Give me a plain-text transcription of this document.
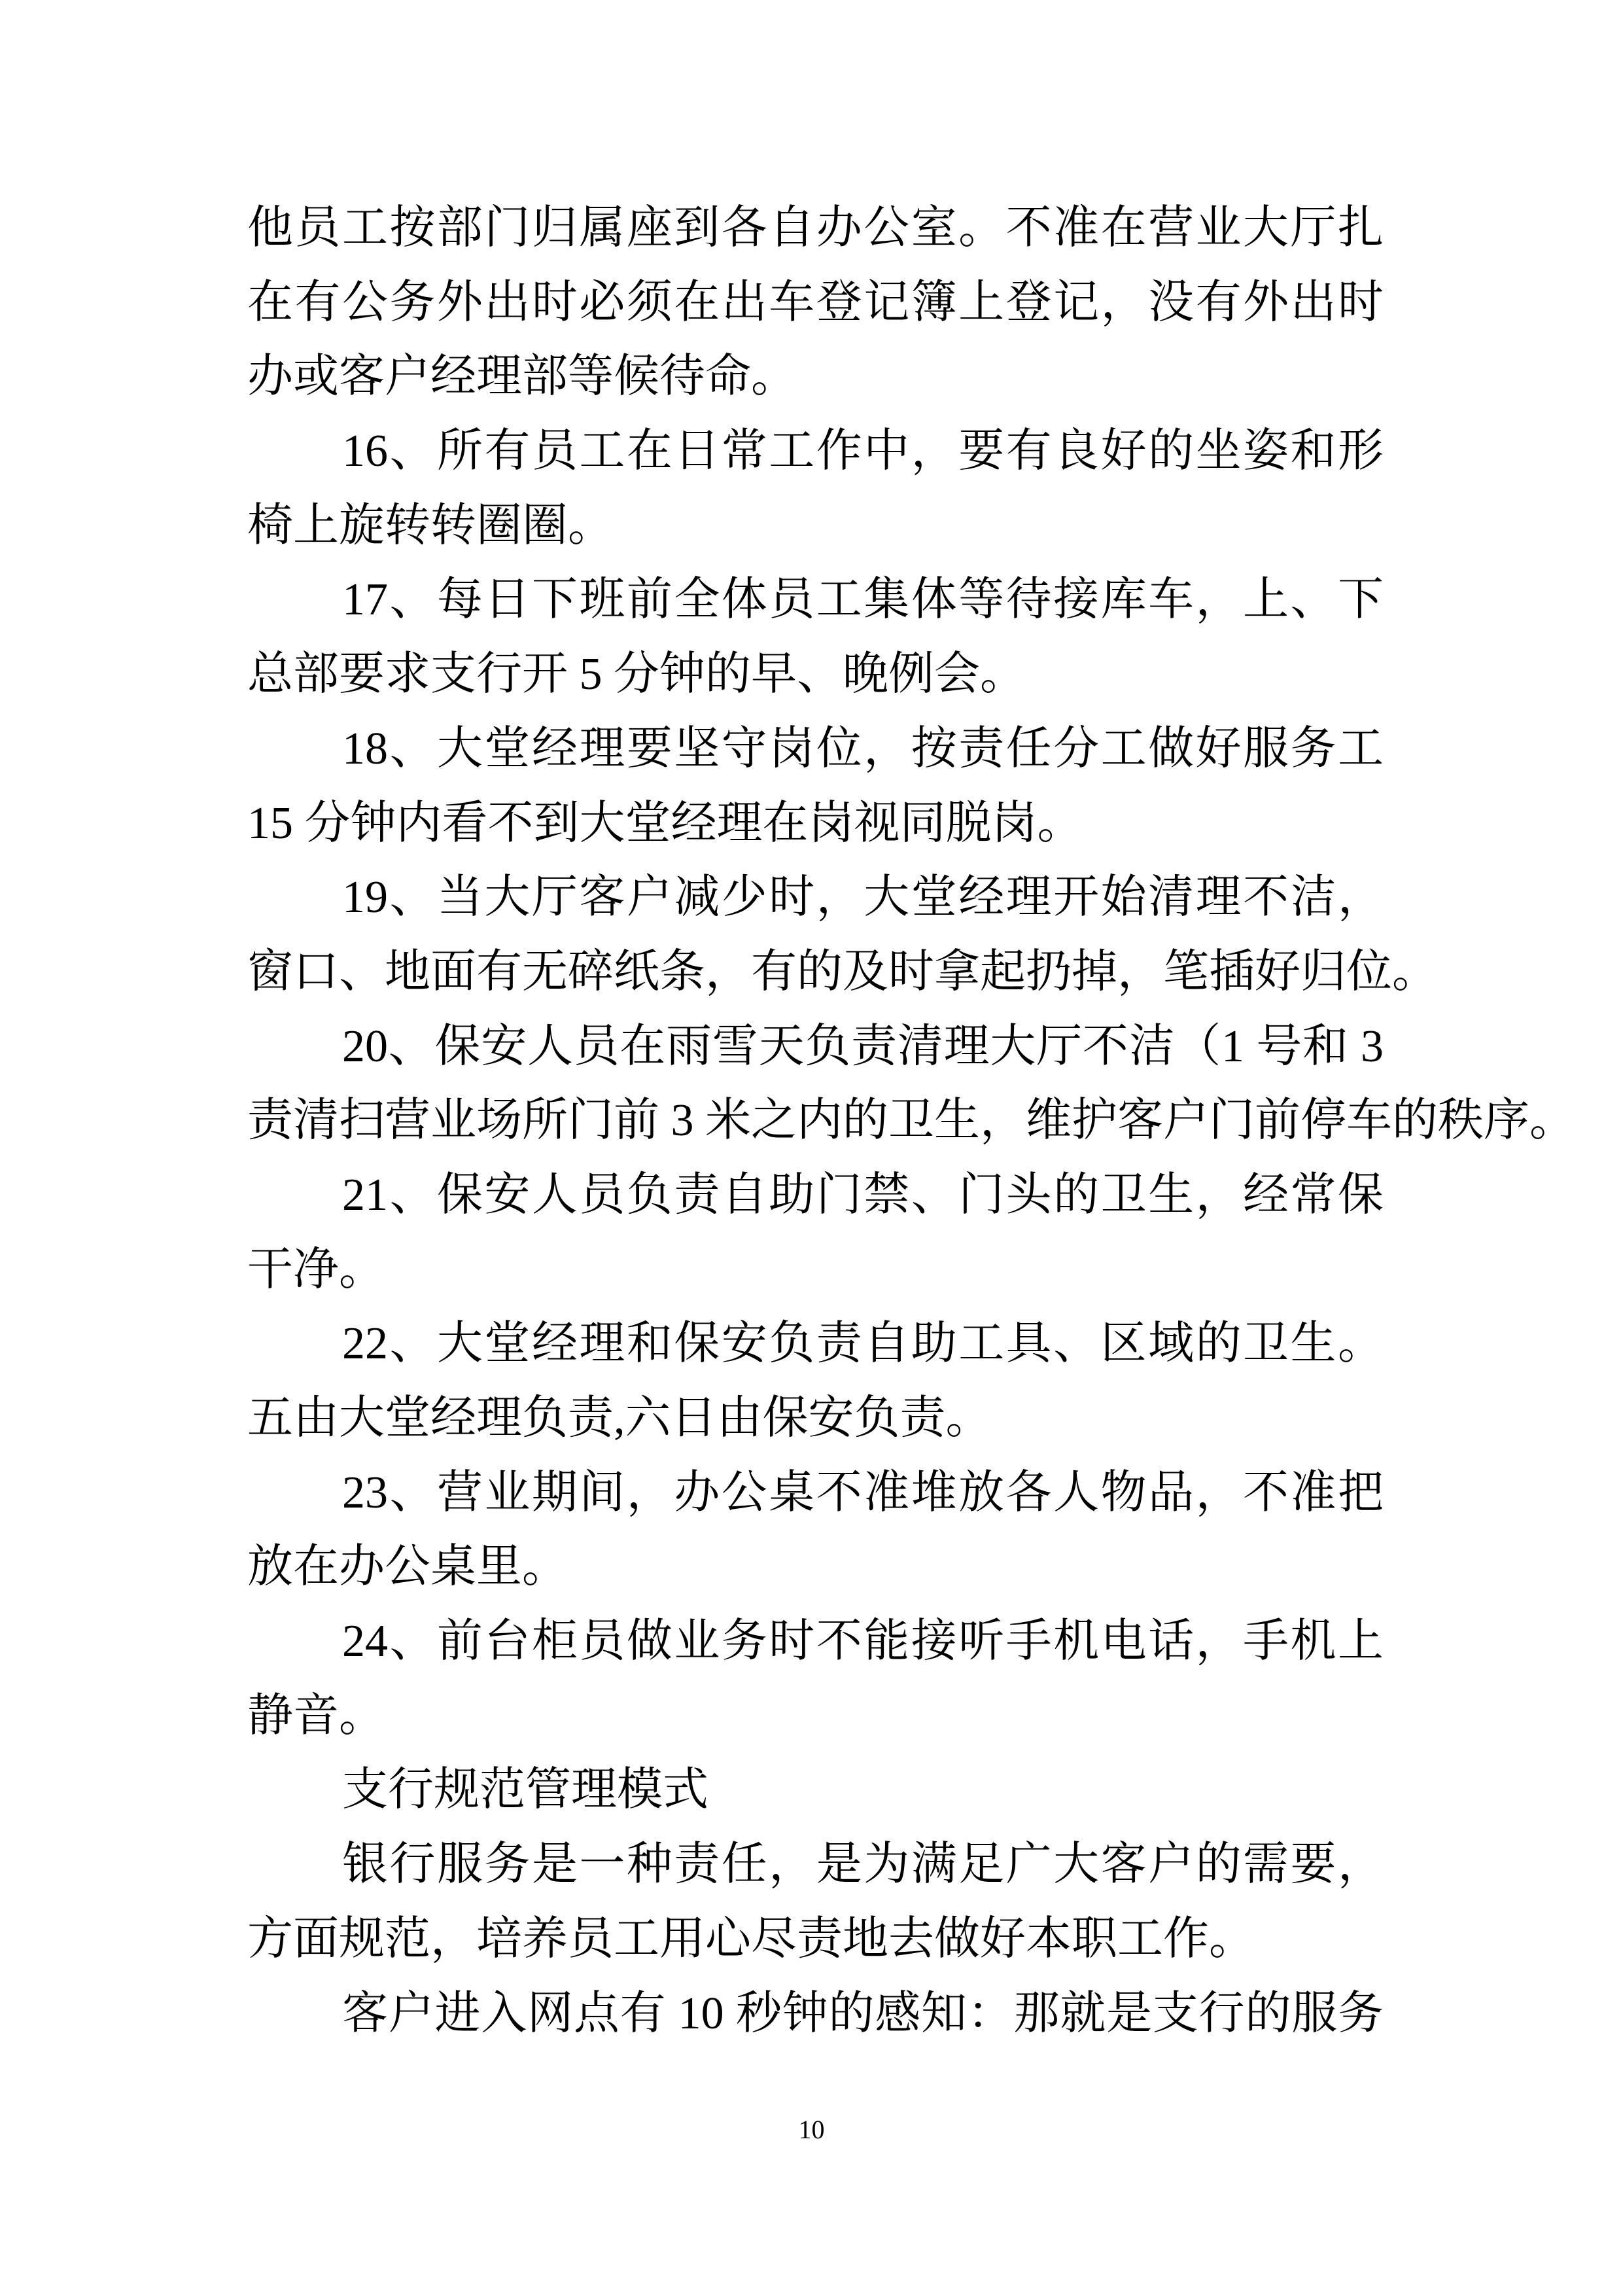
他员工按部门归属座到各自办公室。不准在营业大厅扎
在有公务外出时必须在出车登记簿上登记，没有外出时
办或客户经理部等候待命。
16、所有员工在日常工作中，要有良好的坐姿和形
椅上旋转转圈圈。
17、每日下班前全体员工集体等待接库车，上、下
总部要求支行开 5 分钟的早、晚例会。
18、大堂经理要坚守岗位，按责任分工做好服务工
15 分钟内看不到大堂经理在岗视同脱岗。
19、当大厅客户减少时，大堂经理开始清理不洁，
窗口、地面有无碎纸条，有的及时拿起扔掉，笔插好归位。
20、保安人员在雨雪天负责清理大厅不洁（1 号和 3
责清扫营业场所门前 3 米之内的卫生，维护客户门前停车的秩序。
21、保安人员负责自助门禁、门头的卫生，经常保
干净。
22、大堂经理和保安负责自助工具、区域的卫生。
五由大堂经理负责,六日由保安负责。
23、营业期间，办公桌不准堆放各人物品，不准把
放在办公桌里。
24、前台柜员做业务时不能接听手机电话，手机上
静音。
支行规范管理模式
银行服务是一种责任，是为满足广大客户的需要，
方面规范，培养员工用心尽责地去做好本职工作。
客户进入网点有 10 秒钟的感知：那就是支行的服务
10
